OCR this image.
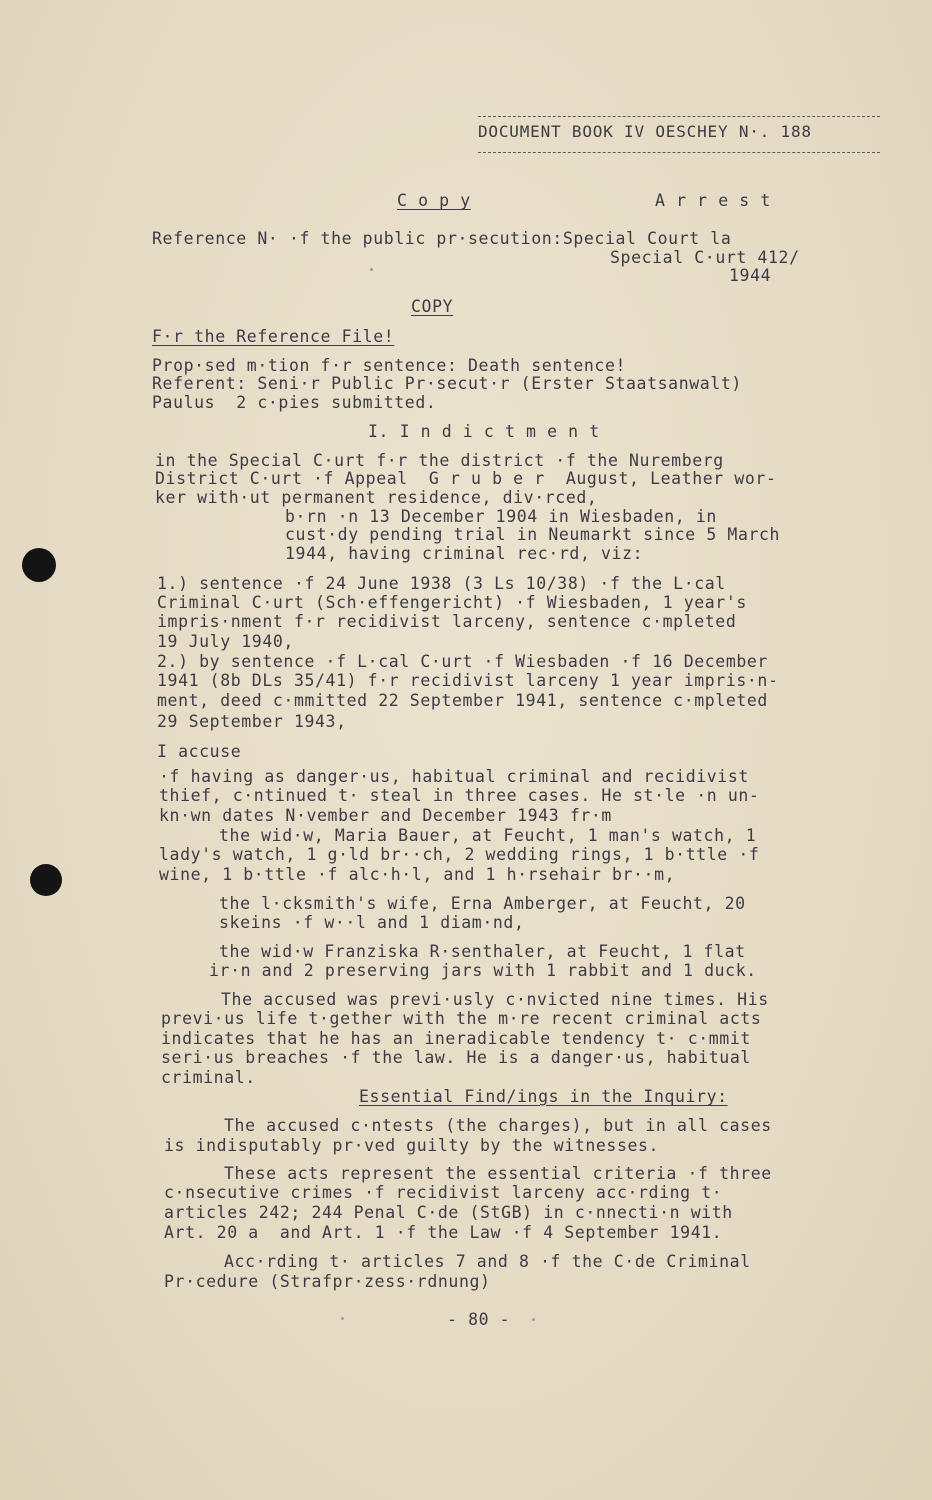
DOCUMENT BOOK IV OESCHEY N·. 188
C o p y	A r r e s t
Reference N· ·f the public pr·secution:Special Court la
Special C·urt 412/
1944
COPY
F·r the Reference File!
Prop·sed m·tion f·r sentence: Death sentence!
Referent: Seni·r Public Pr·secut·r (Erster Staatsanwalt)
Paulus  2 c·pies submitted.
I. I n d i c t m e n t
in the Special C·urt f·r the district ·f the Nuremberg
District C·urt ·f Appeal  G r u b e r  August, Leather wor-
ker with·ut permanent residence, div·rced,
b·rn ·n 13 December 1904 in Wiesbaden, in
cust·dy pending trial in Neumarkt since 5 March
1944, having criminal rec·rd, viz:
1.) sentence ·f 24 June 1938 (3 Ls 10/38) ·f the L·cal
Criminal C·urt (Sch·effengericht) ·f Wiesbaden, 1 year's
impris·nment f·r recidivist larceny, sentence c·mpleted
19 July 1940,
2.) by sentence ·f L·cal C·urt ·f Wiesbaden ·f 16 December
1941 (8b DLs 35/41) f·r recidivist larceny 1 year impris·n-
ment, deed c·mmitted 22 September 1941, sentence c·mpleted
29 September 1943,
I accuse
·f having as danger·us, habitual criminal and recidivist
thief, c·ntinued t· steal in three cases. He st·le ·n un-
kn·wn dates N·vember and December 1943 fr·m
the wid·w, Maria Bauer, at Feucht, 1 man's watch, 1
lady's watch, 1 g·ld br··ch, 2 wedding rings, 1 b·ttle ·f
wine, 1 b·ttle ·f alc·h·l, and 1 h·rsehair br··m,
the l·cksmith's wife, Erna Amberger, at Feucht, 20
skeins ·f w··l and 1 diam·nd,
the wid·w Franziska R·senthaler, at Feucht, 1 flat
ir·n and 2 preserving jars with 1 rabbit and 1 duck.
The accused was previ·usly c·nvicted nine times. His
previ·us life t·gether with the m·re recent criminal acts
indicates that he has an ineradicable tendency t· c·mmit
seri·us breaches ·f the law. He is a danger·us, habitual
criminal.
Essential Find/ings in the Inquiry:
The accused c·ntests (the charges), but in all cases
is indisputably pr·ved guilty by the witnesses.
These acts represent the essential criteria ·f three
c·nsecutive crimes ·f recidivist larceny acc·rding t·
articles 242; 244 Penal C·de (StGB) in c·nnecti·n with
Art. 20 a  and Art. 1 ·f the Law ·f 4 September 1941.
Acc·rding t· articles 7 and 8 ·f the C·de Criminal
Pr·cedure (Strafpr·zess·rdnung)
- 80 -
